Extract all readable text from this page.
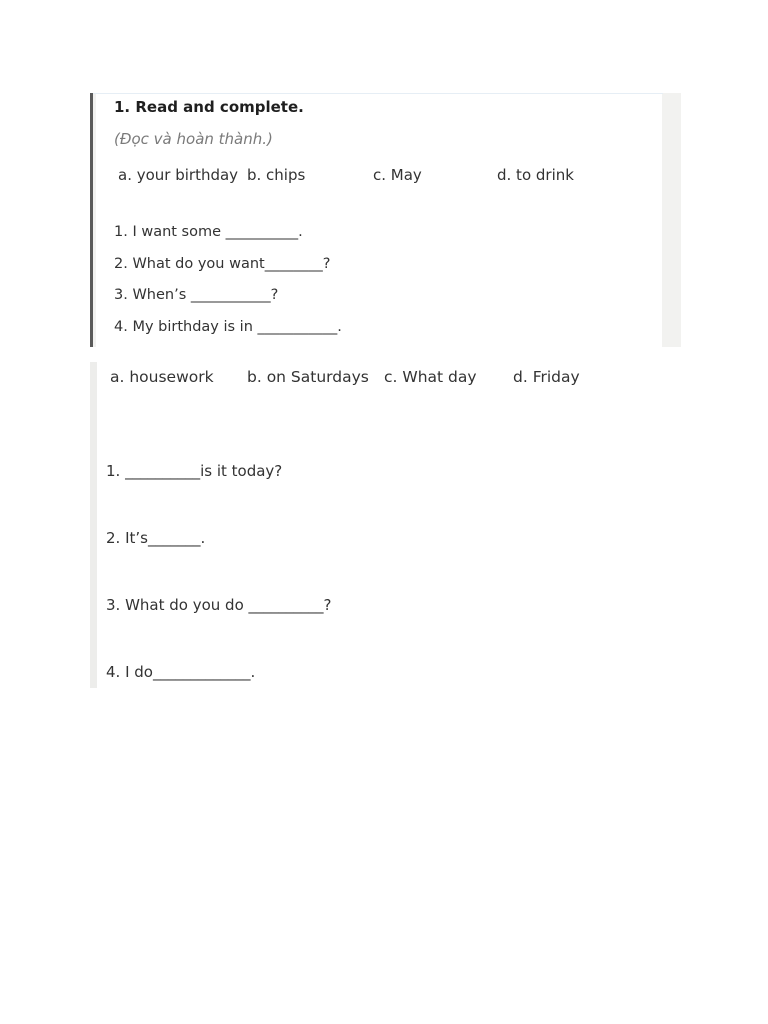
1. Read and complete.
(Đọc và hoàn thành.)
a. your birthday b. chips	c. May	d. to drink
1. I want some __________.
2. What do you want________?
3. When’s ___________?
4. My birthday is in ___________.
a. housework b. on Saturdays c. What day d. Friday
1. __________is it today?
2. It’s_______.
3. What do you do __________?
4. I do_____________.
